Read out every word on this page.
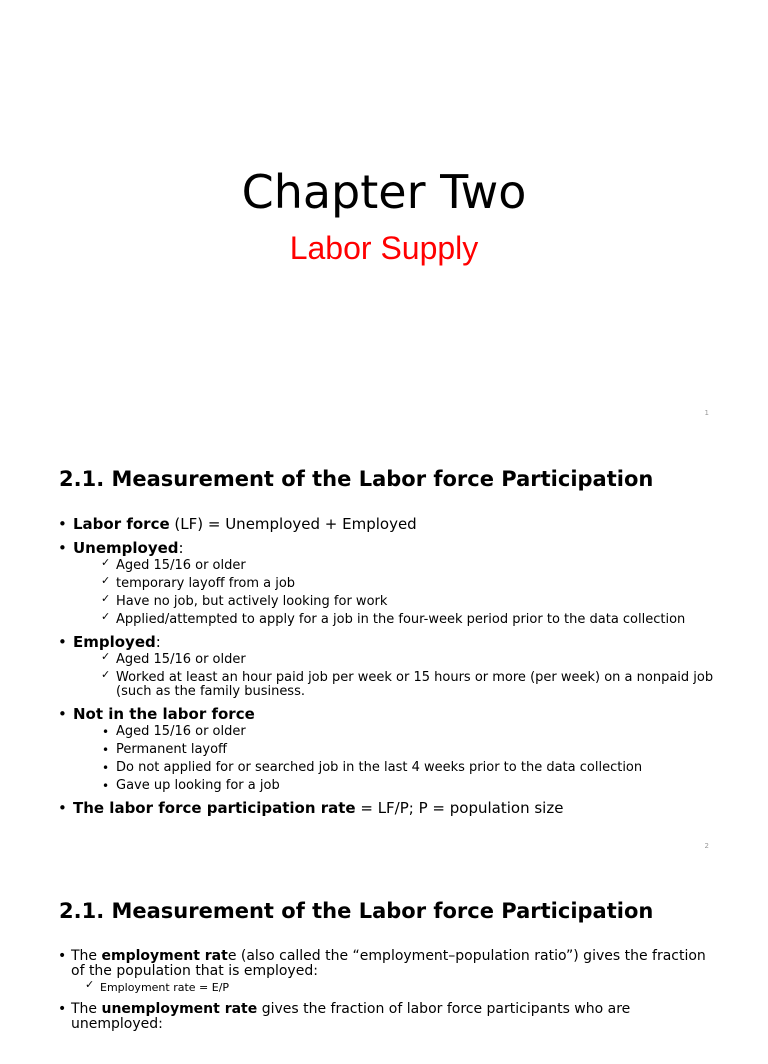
Chapter Two
Labor Supply
1
2.1. Measurement of the Labor force Participation
• Labor force (LF) = Unemployed + Employed
• Unemployed:
✓ Aged 15/16 or older
✓ temporary layoff from a job
✓ Have no job, but actively looking for work
✓ Applied/attempted to apply for a job in the four-week period prior to the data collection
• Employed:
✓ Aged 15/16 or older
✓ Worked at least an hour paid job per week or 15 hours or more (per week) on a nonpaid job (such as the family business.
• Not in the labor force
• Aged 15/16 or older
• Permanent layoff
• Do not applied for or searched job in the last 4 weeks prior to the data collection
• Gave up looking for a job
• The labor force participation rate = LF/P; P = population size
2
2.1. Measurement of the Labor force Participation
• The employment rate (also called the “employment–population ratio”) gives the fraction of the population that is employed:
✓ Employment rate = E/P
• The unemployment rate gives the fraction of labor force participants who are unemployed:
